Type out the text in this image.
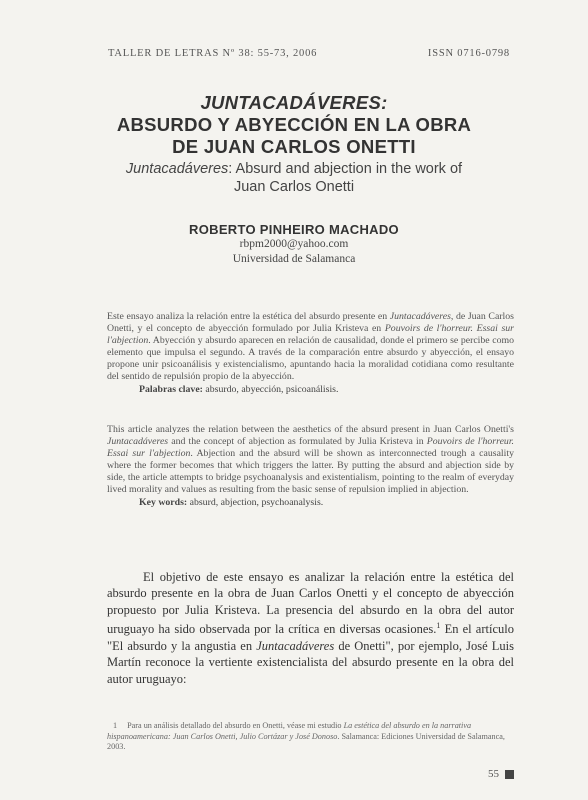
TALLER DE LETRAS Nº 38: 55-73, 2006	ISSN 0716-0798
JUNTACADÁVERES:
ABSURDO Y ABYECCIÓN EN LA OBRA
DE JUAN CARLOS ONETTI
Juntacadáveres: Absurd and abjection in the work of
Juan Carlos Onetti
ROBERTO PINHEIRO MACHADO
rbpm2000@yahoo.com
Universidad de Salamanca

Este ensayo analiza la relación entre la estética del absurdo presente en Juntacadáveres, de Juan Carlos Onetti, y el concepto de abyección formulado por Julia Kristeva en Pouvoirs de l'horreur. Essai sur l'abjection. Abyección y absurdo aparecen en relación de causalidad, donde el primero se percibe como elemento que impulsa el segundo. A través de la comparación entre absurdo y abyección, el ensayo propone unir psicoanálisis y existencialismo, apuntando hacia la moralidad cotidiana como resultante del sentido de repulsión propio de la abyección.

Palabras clave: absurdo, abyección, psicoanálisis.

This article analyzes the relation between the aesthetics of the absurd present in Juan Carlos Onetti's Juntacadáveres and the concept of abjection as formulated by Julia Kristeva in Pouvoirs de l'horreur. Essai sur l'abjection. Abjection and the absurd will be shown as interconnected trough a causality where the former becomes that which triggers the latter. By putting the absurd and abjection side by side, the article attempts to bridge psychoanalysis and existentialism, pointing to the realm of everyday lived morality and values as resulting from the basic sense of repulsion implied in abjection.

Key words: absurd, abjection, psychoanalysis.

El objetivo de este ensayo es analizar la relación entre la estética del absurdo presente en la obra de Juan Carlos Onetti y el concepto de abyección propuesto por Julia Kristeva. La presencia del absurdo en la obra del autor uruguayo ha sido observada por la crítica en diversas ocasiones.$^1$ En el artículo "El absurdo y la angustia en Juntacadáveres de Onetti", por ejemplo, José Luis Martín reconoce la vertiente existencialista del absurdo presente en la obra del autor uruguayo:

1 Para un análisis detallado del absurdo en Onetti, véase mi estudio La estética del absurdo en la narrativa hispanoamericana: Juan Carlos Onetti, Julio Cortázar y José Donoso. Salamanca: Ediciones Universidad de Salamanca, 2003.
55
